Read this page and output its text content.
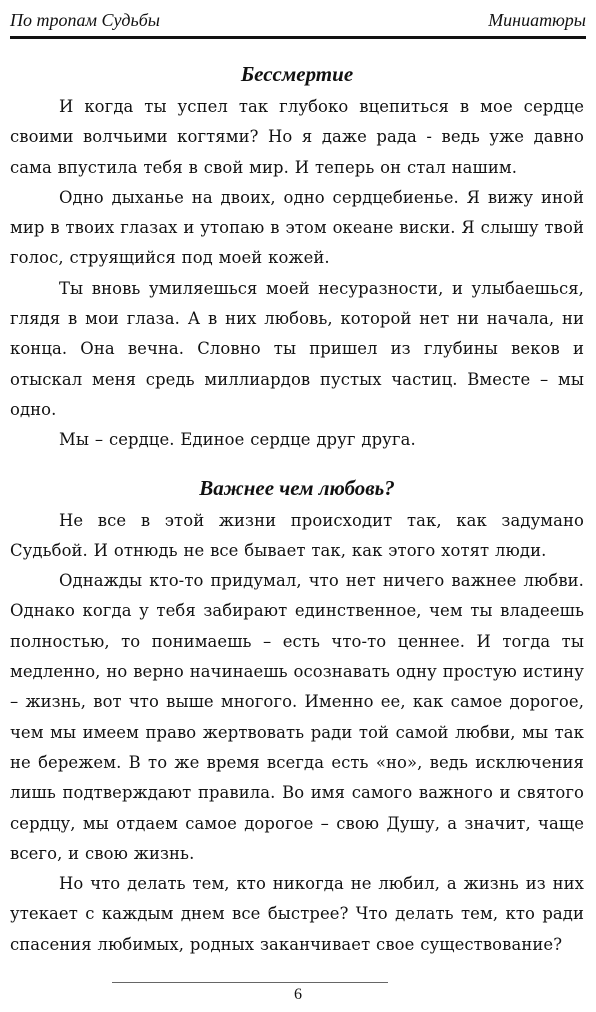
По тропам Судьбы	Миниатюры
Бессмертие

И когда ты успел так глубоко вцепиться в мое сердце своими волчьими когтями? Но я даже рада - ведь уже давно сама впустила тебя в свой мир. И теперь он стал нашим.

Одно дыханье на двоих, одно сердцебиенье. Я вижу иной мир в твоих глазах и утопаю в этом океане виски. Я слышу твой голос, струящийся под моей кожей.

Ты вновь умиляешься моей несуразности, и улыбаешься, глядя в мои глаза. А в них любовь, которой нет ни начала, ни конца. Она вечна. Словно ты пришел из глубины веков и отыскал меня средь миллиардов пустых частиц. Вместе – мы одно.

Мы – сердце. Единое сердце друг друга.

Важнее чем любовь?

Не все в этой жизни происходит так, как задумано Судьбой. И отнюдь не все бывает так, как этого хотят люди.

Однажды кто-то придумал, что нет ничего важнее любви. Однако когда у тебя забирают единственное, чем ты владеешь полностью, то понимаешь – есть что-то ценнее. И тогда ты медленно, но верно начинаешь осознавать одну простую истину – жизнь, вот что выше многого. Именно ее, как самое дорогое, чем мы имеем право жертвовать ради той самой любви, мы так не бережем. В то же время всегда есть «но», ведь исключения лишь подтверждают правила. Во имя самого важного и святого сердцу, мы отдаем самое дорогое – свою Душу, а значит, чаще всего, и свою жизнь.

Но что делать тем, кто никогда не любил, а жизнь из них утекает с каждым днем все быстрее? Что делать тем, кто ради спасения любимых, родных заканчивает свое существование?

6
